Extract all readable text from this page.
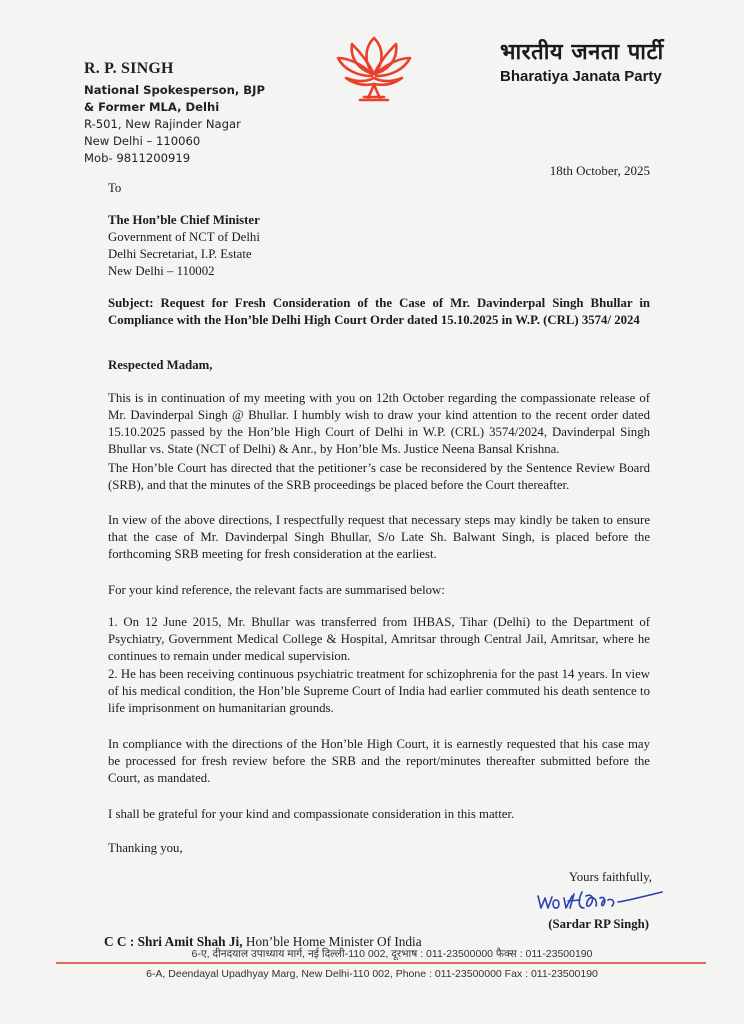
R. P. SINGH
National Spokesperson, BJP
& Former MLA, Delhi
R-501, New Rajinder Nagar
New Delhi – 110060
Mob- 9811200919
भारतीय जनता पार्टी
Bharatiya Janata Party
18th October, 2025
To
The Hon’ble Chief Minister
Government of NCT of Delhi
Delhi Secretariat, I.P. Estate
New Delhi – 110002
Subject: Request for Fresh Consideration of the Case of Mr. Davinderpal Singh Bhullar in Compliance with the Hon’ble Delhi High Court Order dated 15.10.2025 in W.P. (CRL) 3574/ 2024
Respected Madam,
This is in continuation of my meeting with you on 12th October regarding the compassionate release of Mr. Davinderpal Singh @ Bhullar. I humbly wish to draw your kind attention to the recent order dated 15.10.2025 passed by the Hon’ble High Court of Delhi in W.P. (CRL) 3574/2024, Davinderpal Singh Bhullar vs. State (NCT of Delhi) & Anr., by Hon’ble Ms. Justice Neena Bansal Krishna.
The Hon’ble Court has directed that the petitioner’s case be reconsidered by the Sentence Review Board (SRB), and that the minutes of the SRB proceedings be placed before the Court thereafter.
In view of the above directions, I respectfully request that necessary steps may kindly be taken to ensure that the case of Mr. Davinderpal Singh Bhullar, S/o Late Sh. Balwant Singh, is placed before the forthcoming SRB meeting for fresh consideration at the earliest.
For your kind reference, the relevant facts are summarised below:
1. On 12 June 2015, Mr. Bhullar was transferred from IHBAS, Tihar (Delhi) to the Department of Psychiatry, Government Medical College & Hospital, Amritsar through Central Jail, Amritsar, where he continues to remain under medical supervision.
2. He has been receiving continuous psychiatric treatment for schizophrenia for the past 14 years. In view of his medical condition, the Hon’ble Supreme Court of India had earlier commuted his death sentence to life imprisonment on humanitarian grounds.
In compliance with the directions of the Hon’ble High Court, it is earnestly requested that his case may be processed for fresh review before the SRB and the report/minutes thereafter submitted before the Court, as mandated.
I shall be grateful for your kind and compassionate consideration in this matter.
Thanking you,
Yours faithfully,
(Sardar RP Singh)
C C : Shri Amit Shah Ji, Hon’ble Home Minister Of India
6-ए, दीनदयाल उपाध्याय मार्ग, नई दिल्ली-110 002, दूरभाष : 011-23500000 फैक्स : 011-23500190
6-A, Deendayal Upadhyay Marg, New Delhi-110 002, Phone : 011-23500000 Fax : 011-23500190
